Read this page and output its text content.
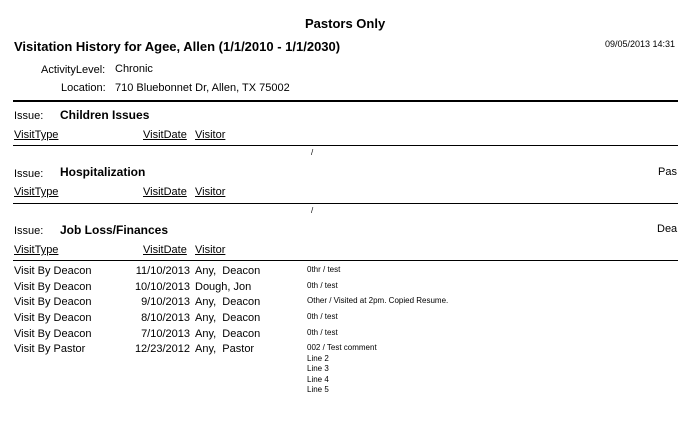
Pastors Only
Visitation History for Agee, Allen (1/1/2010 - 1/1/2030)	09/05/2013 14:31
ActivityLevel: Chronic
Location: 710 Bluebonnet Dr, Allen, TX 75002
Issue: Children Issues
VisitType	VisitDate Visitor
/
Issue: Hospitalization	Pas
VisitType	VisitDate Visitor
/
Issue: Job Loss/Finances	Dea
VisitType	VisitDate Visitor
Visit By Deacon	11/10/2013 Any,  Deacon	0thr / test
Visit By Deacon	10/10/2013 Dough, Jon	0th / test
Visit By Deacon	9/10/2013 Any,  Deacon	Other / Visited at 2pm. Copied Resume.
Visit By Deacon	8/10/2013 Any,  Deacon	0th / test
Visit By Deacon	7/10/2013 Any,  Deacon	0th / test
Visit By Pastor	12/23/2012 Any,  Pastor	002 / Test comment
Line 2
Line 3
Line 4
Line 5
